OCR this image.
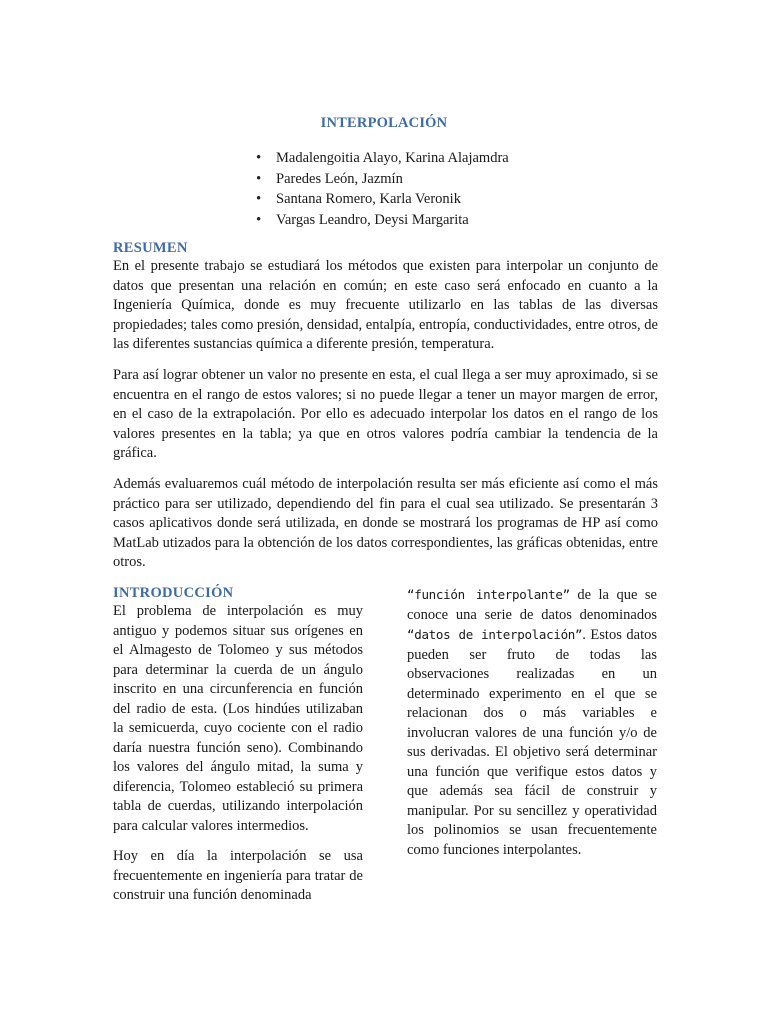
INTERPOLACIÓN
• Madalengoitia Alayo, Karina Alajamdra
• Paredes León, Jazmín
• Santana Romero, Karla Veronik
• Vargas Leandro, Deysi Margarita

RESUMEN

En el presente trabajo se estudiará los métodos que existen para interpolar un conjunto de datos que presentan una relación en común; en este caso será enfocado en cuanto a la Ingeniería Química, donde es muy frecuente utilizarlo en las tablas de las diversas propiedades; tales como presión, densidad, entalpía, entropía, conductividades, entre otros, de las diferentes sustancias química a diferente presión, temperatura.

Para así lograr obtener un valor no presente en esta, el cual llega a ser muy aproximado, si se encuentra en el rango de estos valores; si no puede llegar a tener un mayor margen de error, en el caso de la extrapolación. Por ello es adecuado interpolar los datos en el rango de los valores presentes en la tabla; ya que en otros valores podría cambiar la tendencia de la gráfica.

Además evaluaremos cuál método de interpolación resulta ser más eficiente así como el más práctico para ser utilizado, dependiendo del fin para el cual sea utilizado. Se presentarán 3 casos aplicativos donde será utilizada, en donde se mostrará los programas de HP así como MatLab utizados para la obtención de los datos correspondientes, las gráficas obtenidas, entre otros.

INTRODUCCIÓN

El problema de interpolación es muy antiguo y podemos situar sus orígenes en el Almagesto de Tolomeo y sus métodos para determinar la cuerda de un ángulo inscrito en una circunferencia en función del radio de esta. (Los hindúes utilizaban la semicuerda, cuyo cociente con el radio daría nuestra función seno). Combinando los valores del ángulo mitad, la suma y diferencia, Tolomeo estableció su primera tabla de cuerdas, utilizando interpolación para calcular valores intermedios.

Hoy en día la interpolación se usa frecuentemente en ingeniería para tratar de construir una función denominada

“función interpolante” de la que se conoce una serie de datos denominados “datos de interpolación”. Estos datos pueden ser fruto de todas las observaciones realizadas en un determinado experimento en el que se relacionan dos o más variables e involucran valores de una función y/o de sus derivadas. El objetivo será determinar una función que verifique estos datos y que además sea fácil de construir y manipular. Por su sencillez y operatividad los polinomios se usan frecuentemente como funciones interpolantes.
